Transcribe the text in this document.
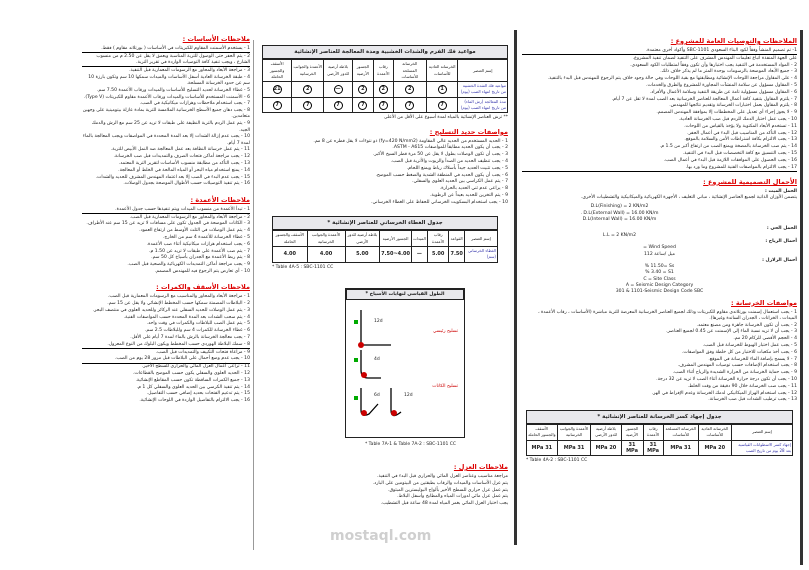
ملاحظات الأساسات :
1 - يستخدم الأسمنت المقاوم للكبريتات في الأساسات ( بورتلاند مقاوم ) فقط.
2 - يتم الحفر حتى الوصول للتربة المناسبة وبعمق لا يقل عن 2.50 م من منسوب الشارع ، ويجب تنفيذ كافة التوصيات الواردة في تقرير التربة.
3 - مراجعة الأبعاد والمحاور مع الرسومات المعمارية قبل التنفيذ.
4 - طبقة الخرسانة العادية أسفل الأساسات والميدات سمكها 10 سم وتكون بارزة 10 سم عن حدود الخرسانة المسلحة.
5 - غطاء الخرسانة لحديد التسليح للأساسات والميدات ورقاب الأعمدة 7.50 سم.
6 - الأسمنت المستخدم للأساسات والميدات ورقاب الأعمدة مقاوم للكبريتات (Type V).
7 - يجب استخدام ملاحظات وهزازات ميكانيكية في الصب.
8 - يجب دهان جميع الأسطح الخرسانية الملامسة للتربة بمادة عازلة بيتومينية على وجهين متعامدين.
9 - يتم عمل الردم بالتربة النظيفة على طبقات لا تزيد عن 25 سم مع الرش والدمك الجيد.
10 - يجب عدم إزالة الشدات إلا بعد المدة المحددة في المواصفات ويجب المعالجة بالماء لمدة 7 أيام.
11 - يتم عمل خرسانة النظافة بعد عمل المعالجة ضد النمل الأبيض للتربة.
12 - يجب مراجعة أماكن فتحات الصرف والتمديدات قبل صب الخرسانة.
13 - يجب التأكد من مطابقة منسوب الأساسات لتقرير التربة المعتمد.
14 - يمنع استخدام مياه البحر أو المياه المالحة في الخلط أو المعالجة.
15 - يجب عدم البدء في الصب إلا بعد اعتماد المهندس المشرف للحديد والشدات.
16 - يتم تنفيذ التوصيلات حسب الأطوال الموضحة بجدول الوصلات.
ملاحظات الأعمدة :
1 - تبدأ الأعمدة من منسوب الميدات ويتم تنفيذها حسب جدول الأعمدة.
2 - مراجعة الأبعاد والمحاور مع الرسومات المعمارية قبل الصب.
3 - الكانات الموضحة في الجدول تكون على مسافات لا تزيد عن 15 سم عند الأطراف.
4 - يتم عمل الوصلات في الثلث الأوسط من ارتفاع العمود.
5 - غطاء الخرسانة للأعمدة 4 سم من الخارج.
6 - يجب استخدام هزازات ميكانيكية أثناء صب الأعمدة.
7 - يتم صب الأعمدة على طبقات لا تزيد عن 1.50 م.
8 - يتم ربط الأعمدة مع الجدران بأسياخ كل 50 سم.
9 - يجب مراجعة أماكن التمديدات الكهربائية والصحية قبل الصب.
10 - أي تعارض يتم الرجوع فيه للمهندس المصمم.
ملاحظات الأسقف والكمرات :
1 - مراجعة الأبعاد والمحاور والمناسيب مع الرسومات المعمارية قبل الصب.
2 - البلاطات المصمتة سمكها حسب المخطط الإنشائي ولا يقل عن 15 سم.
3 - يتم عمل الوصلات للحديد السفلي عند الركائز وللحديد العلوي في منتصف البحر.
4 - يتم سحب الشدات بعد المدة المحددة حسب المواصفات الفنية.
5 - يتم عمل الصب للبلاطات والكمرات في وقت واحد.
6 - غطاء الخرسانة للكمرات 4 سم وللبلاطات 2.5 سم.
7 - يجب معالجة الخرسانة بالرش بالماء لمدة 7 أيام على الأقل.
8 - سمك البلاطة الهوردي حسب المخطط ويكون البلوك من النوع المعزول.
9 - مراعاة فتحات التكييف والتمديدات قبل الصب.
10 - يجب عدم وضع أحمال على البلاطات قبل مرور 28 يوم من الصب.
11 - تراعى أعمال العزل المائي والحراري للسطح الأخير.
12 - الحديد العلوي والسفلي يكون حسب الموضح بالقطاعات.
13 - جميع الكمرات الساقطة تكون حسب المقاطع الإنشائية.
14 - يتم تنفيذ الكرسي بين الحديد العلوي والسفلي كل 1 م.
15 - يتم تدعيم الفتحات بحديد إضافي حسب التفاصيل.
16 - يجب الالتزام بالتفاصيل الواردة في اللوحات الإنشائية.
مواعيد فك الفرم والشدات الخشبية ومدة المعالجة للعناصر الإنشائية
إسم العنصر	الخرسانة العادية للأساسات	الخرسانة المسلحة للأساسات	رقاب الأعمدة	الجسور الأرضية	بلاطة أرضية للدور الأرضي	الأعمدة والجوانب الخرسانية	الأسقف والجسور الحاملة
مواعيد فك الشدة الخشبية من تاريخ انتهاء الصب (يوم)	1	2	2	2	—	2	21
مدة المعالجة (رش الماء) من تاريخ انتهاء الصب (يوم)	7	7	7	7	7	7	7
** ترش العناصر الإنشائية بالمياه لمدة أسبوع على الأقل من الأعلى
مواصفات حديد التسليح :
1 - الحديد المستخدم من الحديد عالي المقاومة (fy=420 N/mm2) ذو نتوءات لا يقل قطره عن 8 مم.
2 - يجب أن يكون الحديد مطابقاً للمواصفات ASTM - A615.
3 - يجب أن تكون الوصلات بطول لا يقل عن 50 مرة قطر السيخ الأكبر.
4 - يجب تنظيف الحديد من الصدأ والزيوت والأتربة قبل الصب.
5 - يجب تثبيت الحديد جيداً بأسلاك رباط ويمنع اللحام.
6 - يجب أن يكون الحديد في المنطقة الشدية والضغط حسب الموضح.
7 - يتم عمل الكراسي بين الحديد العلوي والسفلي.
8 - يراعى عدم ثني الحديد بالحرارة.
9 - يتم التخزين للحديد بعيداً عن الرطوبة.
10 - يجب استخدام البسكويت الخرساني للحفاظ على الغطاء الخرساني.
جدول الغطاء الخرساني للعناصر الإنشائية *
إسم العنصر	القواعد	رقاب الأعمدة	الميدات	الجسور الأرضية	بلاطة أرضية للدور الأرضي	الأعمدة والجوانب الخرسانية	الأسقف والجسور الحاملة
الغطاء الخرساني (سم)	7.50	5.00	—	4.00~7.50	5.00	4.00	4.00
* Table 4A-5 : SBC-1101 CC
الطول القياسي لنهايات الأسياخ *
تسليح رئيسي
تسليح الكانات
12d
4d
6d	12d
* Table 7A-1 & Table 7A-2 : SBC-1101 CC
ملاحظات العزل :
مراجعة مناسيب وعناصر العزل المائي والحراري قبل البدء في التنفيذ.
يتم عزل الأساسات والميدات والرقاب بطبقتين من البيتومين على البارد.
يتم عمل عزل حراري للسطح الأخير بألواح البوليسترين المبثوق.
يتم عمل عزل مائي لدورات المياه والمطابخ وأسفل البلاط.
يجب اختبار العزل المائي بغمر المياه لمدة 48 ساعة قبل التشطيب.
الملاحظات والتوصيات العامة للمشروع :
1- تم تصميم المنشأ وفقاً لكود البناء السعودي SBC-1101 وأكواد أخرى معتمدة.
على الجهة المنفذة اتباع تعليمات المهندس المشرف على التنفيذ لضمان تنفيذ المشروع.
2 - المواد المستخدمة في التنفيذ يجب اختبارها وأن تكون وفقاً لمتطلبات الكود السعودي.
3 - جميع الأبعاد الموضحة بالرسومات بوحدة المتر ما لم يذكر خلاف ذلك.
4 - على المقاول مراجعة اللوحات الإنشائية ومطابقتها مع بقية اللوحات وفي حالة وجود خلاف يتم الرجوع للمهندس قبل البدء بالتنفيذ.
5 - المقاول مسؤول عن سلامة المنشآت المجاورة للمشروع والطرق والخدمات.
6 - المقاول مسؤول مسؤولية تامة عن طريقة التنفيذ وسلامة الأعمال والأفراد.
7 - يلتزم المقاول بتنفيذ كافة أعمال المعالجة للعناصر الخرسانية بعد الصب لمدة لا تقل عن 7 أيام.
8 - يلتزم المقاول بعمل اختبارات الخرسانة وتقديم نتائجها للمهندس.
9 - لا يجوز إجراء أي تعديل على المخططات إلا بموافقة المهندس المصمم.
10 - يجب عمل اختبار الدمك للردم قبل صب الخرسانة العادية.
11 - تستخدم الأبعاد المكتوبة ولا يؤخذ بالقياس من اللوحات.
12 - يجب التأكد من المناسيب قبل البدء في أعمال الحفر.
13 - يجب الالتزام بكافة اشتراطات الأمن والسلامة بالموقع.
14 - يتم صب الخرسانة بالمضخة ويمنع الصب من ارتفاع أكبر من 1.5 م.
15 - يجب التنسيق مع كافة التخصصات قبل البدء في التنفيذ.
16 - يجب الحصول على الموافقات اللازمة قبل البدء في أعمال الصب.
17 - يجب الالتزام بالمواصفات الفنية للمشروع وما ورد بها.
الأحمال التصميمية للمشروع :
الحمل الميت :
يتضمن الأوزان الذاتية لجميع العناصر الإنشائية ، مباني التغليف ، الأجهزة الكهربائية والميكانيكية والتشطيبات الأخرى.
D.L(Finishing) = 2 KN/m2
. D.L(External Wall) = 16.00 KN/m
D.L(Internal Wall) = 16.00 KN/m
الحمل الحي :
L.L = 2 KN/m2
أحمال الرياح :
= Wind Speed
112 ميل /ساعة
أحمال الزلازل :
% 11.50= Ss
% 3.40 = S1
C = Site Class
A = Seismic Design Category
301 & 1101-Seismic Design Code SBC
مواصفات الخرسانة :
1 - يجب استعمال إسمنت بورتلاندي مقاوم للكبريتات وذلك لجميع العناصر الخرسانية المعرضة للتربة مباشرة (الأساسات ، رقاب الأعمدة ، الميدات ، الخزانات ، الجدران الساندة وغيرها).
2 - يجب أن تكون الخرسانة جاهزة ومن مصنع معتمد.
3 - يجب أن لا تزيد نسبة الماء إلى الإسمنت عن 0.45 لجميع العناصر.
4 - الحجم الأقصى للركام 20 مم.
5 - يجب عمل اختبار الهبوط للخرسانة قبل الصب.
6 - يجب أخذ مكعبات للاختبار من كل خلطة وفق المواصفات.
7 - لا يسمح بإضافة الماء للخرسانة في الموقع.
8 - يجب استخدام الإضافات حسب توصيات المهندس المشرف.
9 - يجب حماية الخرسانة من الحرارة الشديدة والرياح أثناء الصب.
10 - يجب أن تكون درجة حرارة الخرسانة أثناء الصب لا تزيد عن 32 درجة.
11 - يجب صب الخرسانة خلال 90 دقيقة من وقت الخلط.
12 - يجب استخدام الهزاز الميكانيكي لدمك الخرسانة وعدم الإفراط في الهز.
13 - يجب ترطيب الشدات قبل صب الخرسانة.
جدول إجهاد كسر الخرسانة للعناصر الإنشائية *
إسم العنصر	الخرسانة العادية للأساسات	الخرسانة المسلحة للأساسات	رقاب الأعمدة	الجسور الأرضية	بلاطة أرضية للدور الأرضي	الأعمدة والجوانب الخرسانية	الأسقف والجسور الحاملة
إجهاد كسر الاسطوانات القياسية بعد 28 يوم من تاريخ الصب	20 MPa	31 MPa	31 MPa	31 MPa	20 MPa	31 MPa	31 MPa
* Table 4A-2 : SBC-1101 CC
mostaql.com
